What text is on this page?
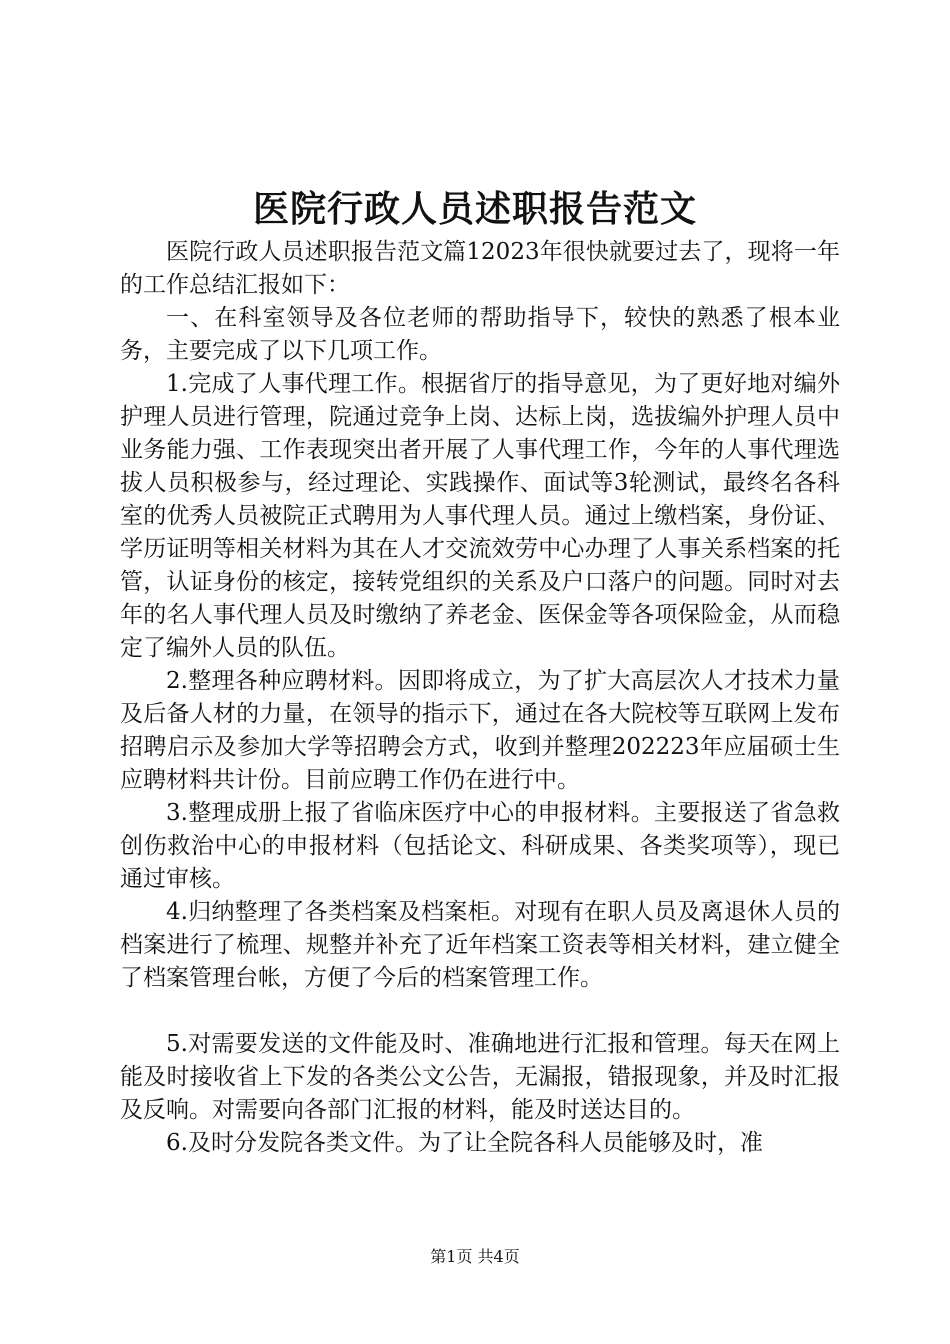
医院行政人员述职报告范文

医院行政人员述职报告范文篇12023年很快就要过去了，现将一年的工作总结汇报如下：

一、在科室领导及各位老师的帮助指导下，较快的熟悉了根本业务，主要完成了以下几项工作。

1.完成了人事代理工作。根据省厅的指导意见，为了更好地对编外护理人员进行管理，院通过竞争上岗、达标上岗，选拔编外护理人员中业务能力强、工作表现突出者开展了人事代理工作，今年的人事代理选拔人员积极参与，经过理论、实践操作、面试等3轮测试，最终名各科室的优秀人员被院正式聘用为人事代理人员。通过上缴档案，身份证、学历证明等相关材料为其在人才交流效劳中心办理了人事关系档案的托管，认证身份的核定，接转党组织的关系及户口落户的问题。同时对去年的名人事代理人员及时缴纳了养老金、医保金等各项保险金，从而稳定了编外人员的队伍。

2.整理各种应聘材料。因即将成立，为了扩大高层次人才技术力量及后备人材的力量，在领导的指示下，通过在各大院校等互联网上发布招聘启示及参加大学等招聘会方式，收到并整理202223年应届硕士生应聘材料共计份。目前应聘工作仍在进行中。

3.整理成册上报了省临床医疗中心的申报材料。主要报送了省急救创伤救治中心的申报材料（包括论文、科研成果、各类奖项等），现已通过审核。

4.归纳整理了各类档案及档案柜。对现有在职人员及离退休人员的档案进行了梳理、规整并补充了近年档案工资表等相关材料，建立健全了档案管理台帐，方便了今后的档案管理工作。

5.对需要发送的文件能及时、准确地进行汇报和管理。每天在网上能及时接收省上下发的各类公文公告，无漏报，错报现象，并及时汇报及反响。对需要向各部门汇报的材料，能及时送达目的。

6.及时分发院各类文件。为了让全院各科人员能够及时，准

第1页 共4页
